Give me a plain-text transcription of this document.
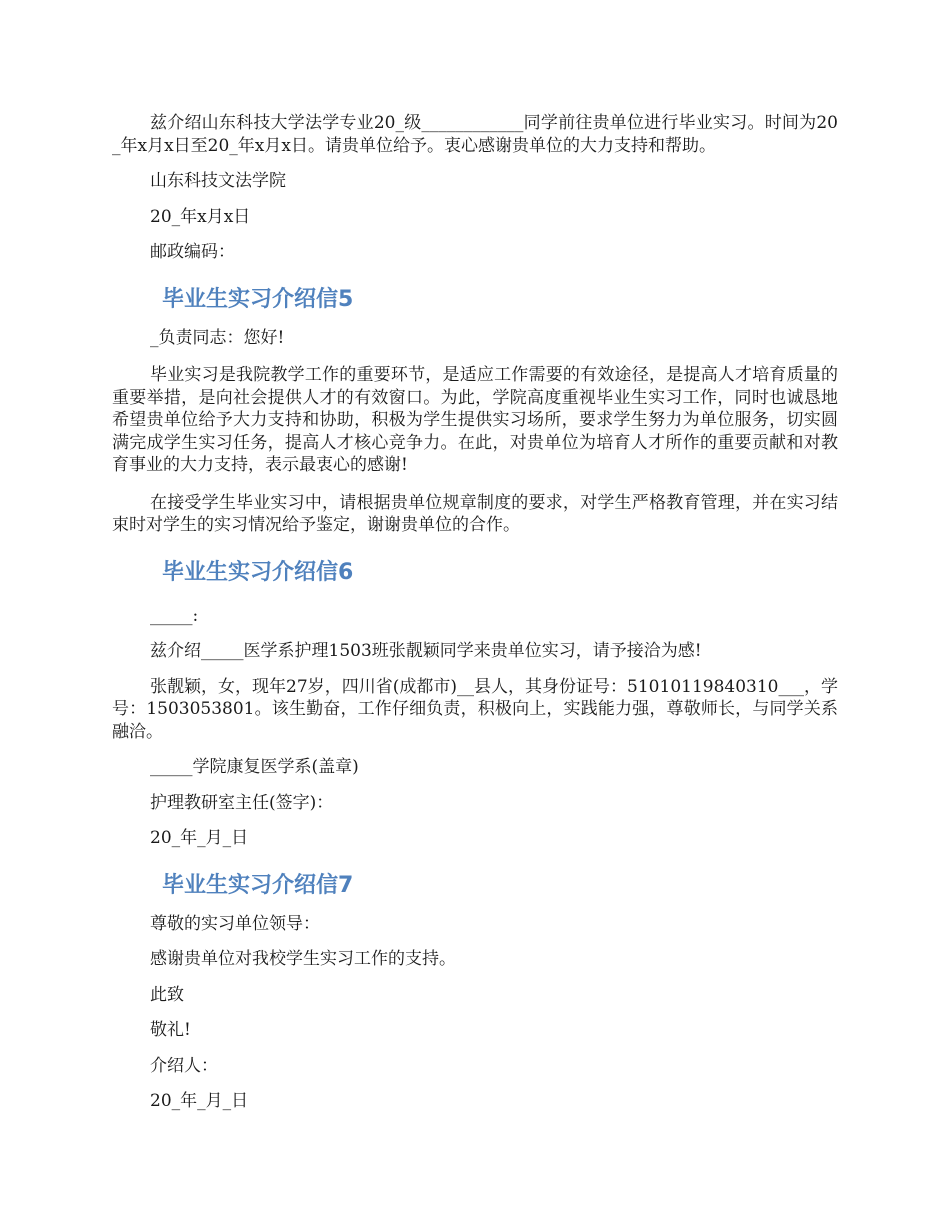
兹介绍山东科技大学法学专业20_级____________同学前往贵单位进行毕业实习。时间为20_年x月x日至20_年x月x日。请贵单位给予。衷心感谢贵单位的大力支持和帮助。

山东科技文法学院

20_年x月x日

邮政编码：

毕业生实习介绍信5

_负责同志：您好!

毕业实习是我院教学工作的重要环节，是适应工作需要的有效途径，是提高人才培育质量的重要举措，是向社会提供人才的有效窗口。为此，学院高度重视毕业生实习工作，同时也诚恳地希望贵单位给予大力支持和协助，积极为学生提供实习场所，要求学生努力为单位服务，切实圆满完成学生实习任务，提高人才核心竞争力。在此，对贵单位为培育人才所作的重要贡献和对教育事业的大力支持，表示最衷心的感谢!

在接受学生毕业实习中，请根据贵单位规章制度的要求，对学生严格教育管理，并在实习结束时对学生的实习情况给予鉴定，谢谢贵单位的合作。

毕业生实习介绍信6

_____:

兹介绍_____医学系护理1503班张靓颖同学来贵单位实习，请予接洽为感!

张靓颖，女，现年27岁，四川省(成都市)__县人，其身份证号：51010119840310___，学号：1503053801。该生勤奋，工作仔细负责，积极向上，实践能力强，尊敬师长，与同学关系融洽。

_____学院康复医学系(盖章)

护理教研室主任(签字)：

20_年_月_日

毕业生实习介绍信7

尊敬的实习单位领导：

感谢贵单位对我校学生实习工作的支持。

此致

敬礼!

介绍人：

20_年_月_日
